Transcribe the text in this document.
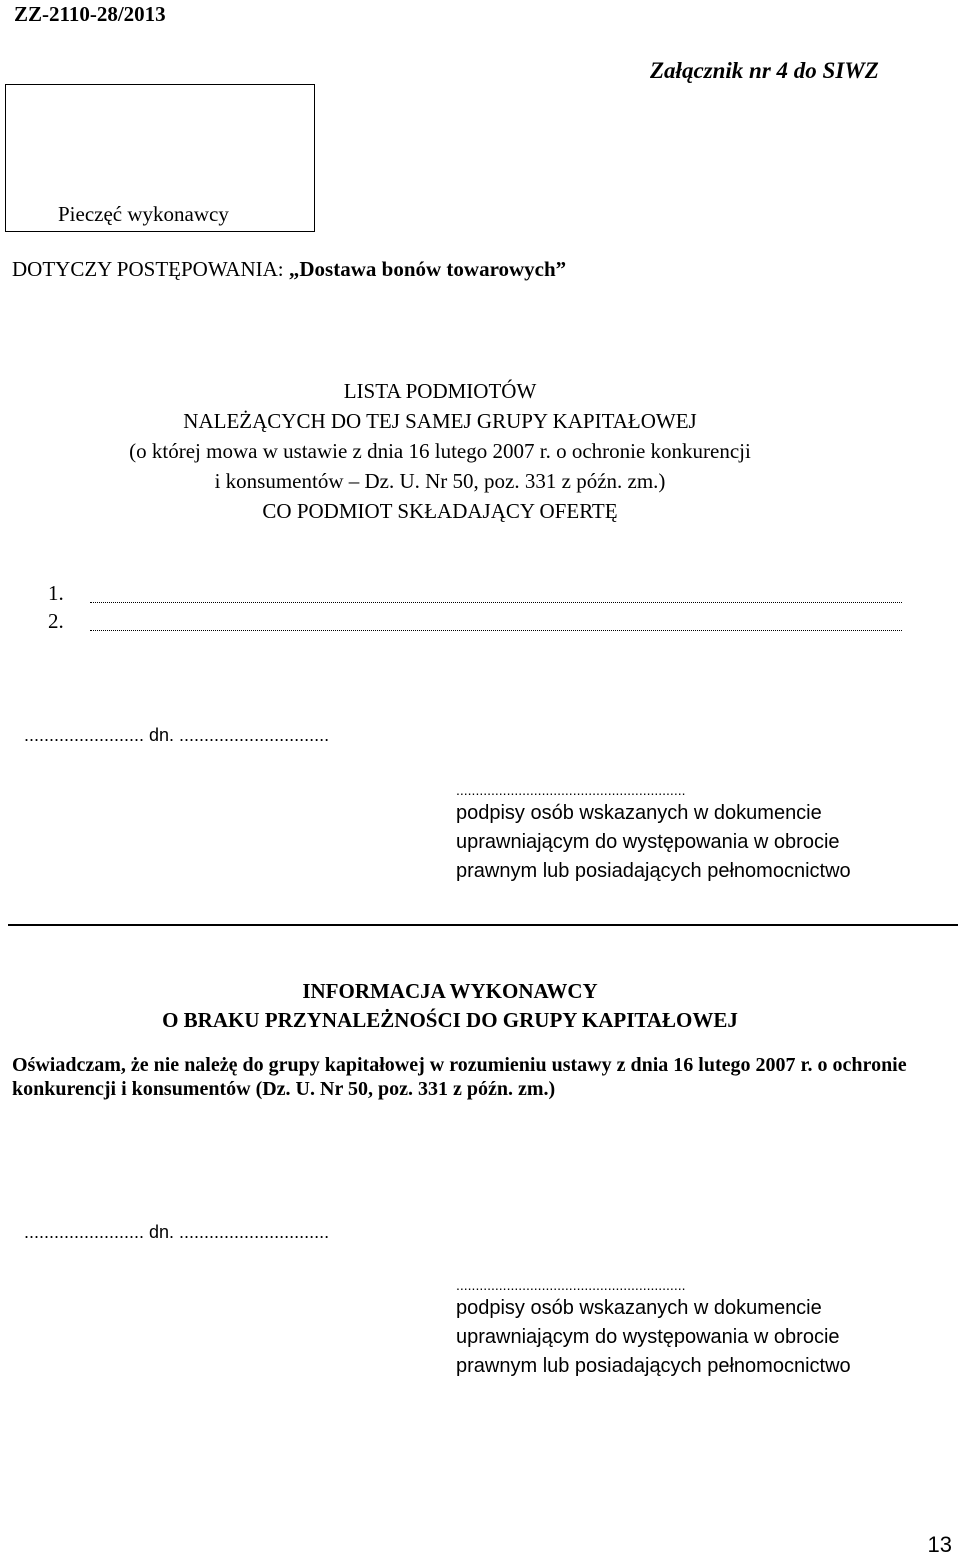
ZZ-2110-28/2013
Załącznik nr 4 do SIWZ
Pieczęć wykonawcy
DOTYCZY POSTĘPOWANIA: „Dostawa bonów towarowych”
LISTA PODMIOTÓW
NALEŻĄCYCH DO TEJ SAMEJ GRUPY KAPITAŁOWEJ
(o której mowa w ustawie z dnia 16 lutego 2007 r. o ochronie konkurencji
i konsumentów – Dz. U. Nr 50, poz. 331 z późn. zm.)
CO PODMIOT SKŁADAJĄCY OFERTĘ
1.
2.
........................ dn. ..............................
...........................................................
podpisy osób wskazanych w dokumencie
uprawniającym do występowania w obrocie
prawnym lub posiadających pełnomocnictwo
INFORMACJA WYKONAWCY
O BRAKU PRZYNALEŻNOŚCI DO GRUPY KAPITAŁOWEJ
Oświadczam, że nie należę do grupy kapitałowej w rozumieniu ustawy z dnia 16 lutego 2007 r. o ochronie konkurencji i konsumentów (Dz. U. Nr 50, poz. 331 z późn. zm.)
........................ dn. ..............................
...........................................................
podpisy osób wskazanych w dokumencie
uprawniającym do występowania w obrocie
prawnym lub posiadających pełnomocnictwo
13
